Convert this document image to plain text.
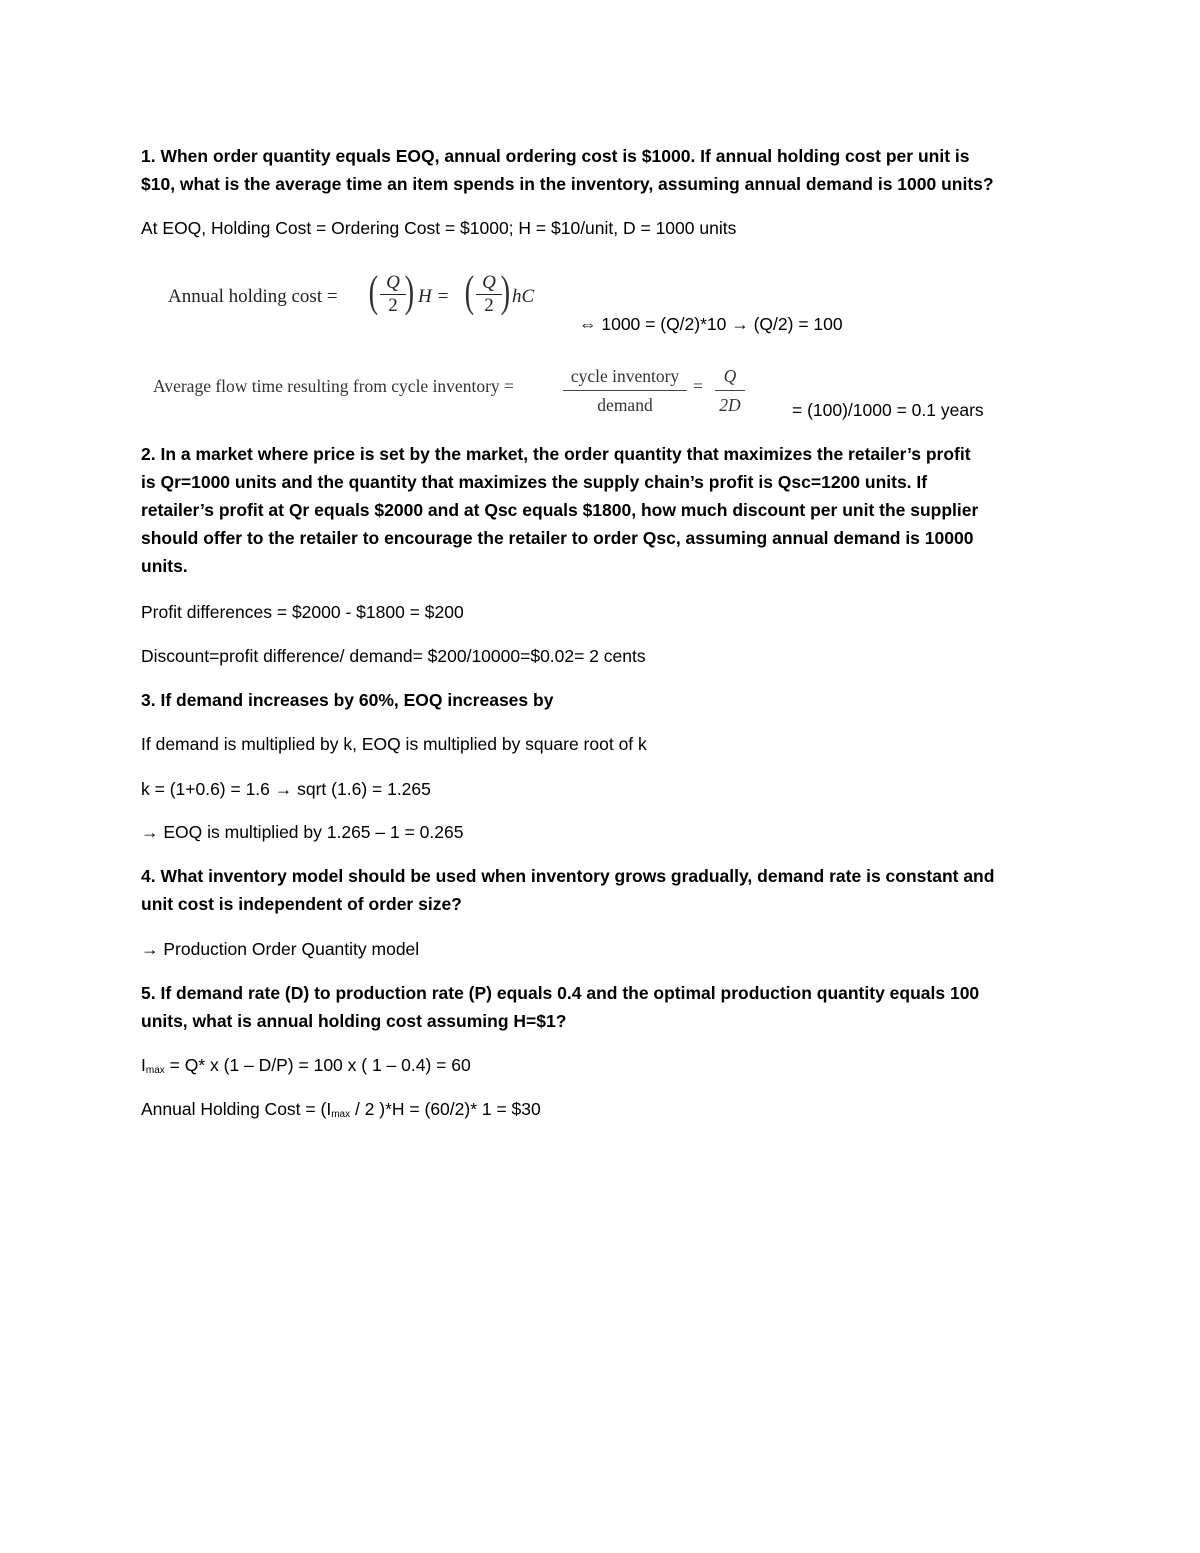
1. When order quantity equals EOQ, annual ordering cost is $1000. If annual holding cost per unit is
$10, what is the average time an item spends in the inventory, assuming annual demand is 1000 units?
At EOQ, Holding Cost = Ordering Cost = $1000; H = $10/unit, D = 1000 units
Annual holding cost = ( $\frac{Q}{2}$
) H = ( $\frac{Q}{2}$
) hC
⇔ 1000 = (Q/2)*10 → (Q/2) = 100
Average flow time resulting from cycle inventory =	cycle inventory
demand
= $\frac{Q}{2D}$	= (100)/1000 = 0.1 years
2. In a market where price is set by the market, the order quantity that maximizes the retailer’s profit
is Qr=1000 units and the quantity that maximizes the supply chain’s profit is Qsc=1200 units. If
retailer’s profit at Qr equals $2000 and at Qsc equals $1800, how much discount per unit the supplier
should offer to the retailer to encourage the retailer to order Qsc, assuming annual demand is 10000
units.
Profit differences = $2000 - $1800 = $200
Discount=profit difference/ demand= $200/10000=$0.02= 2 cents
3. If demand increases by 60%, EOQ increases by
If demand is multiplied by k, EOQ is multiplied by square root of k
k = (1+0.6) = 1.6 → sqrt (1.6) = 1.265
→ EOQ is multiplied by 1.265 – 1 = 0.265
4. What inventory model should be used when inventory grows gradually, demand rate is constant and
unit cost is independent of order size?
→ Production Order Quantity model
5. If demand rate (D) to production rate (P) equals 0.4 and the optimal production quantity equals 100
units, what is annual holding cost assuming H=$1?
$I_{max} = Q*$ x (1 – D/P) = 100 x ( 1 – 0.4) = 60
Annual Holding Cost = ($I_{max} / 2$ )*H = (60/2)* 1 = $30
